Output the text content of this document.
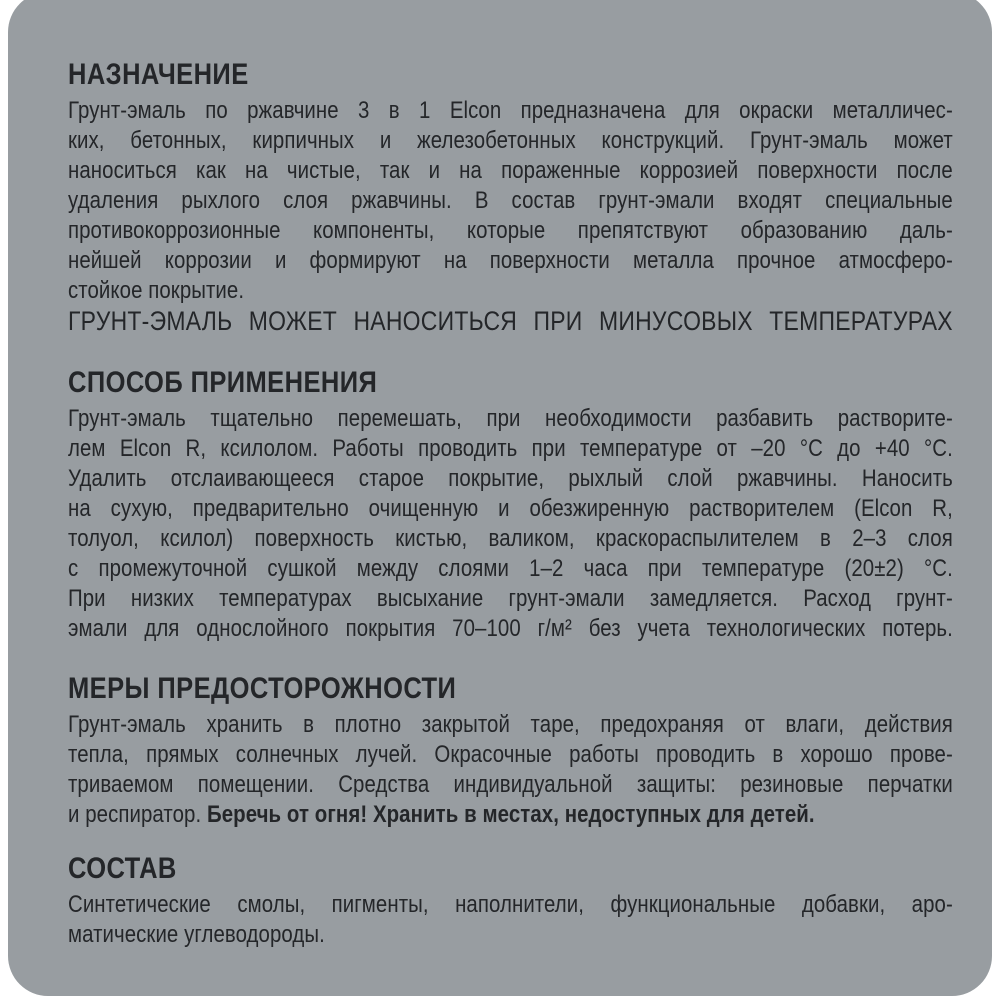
НАЗНАЧЕНИЕ
Грунт-эмаль по ржавчине 3 в 1 Elcon предназначена для окраски металличес-
ких, бетонных, кирпичных и железобетонных конструкций. Грунт-эмаль может
наноситься как на чистые, так и на пораженные коррозией поверхности после
удаления рыхлого слоя ржавчины. В состав грунт-эмали входят специальные
противокоррозионные компоненты, которые препятствуют образованию даль-
нейшей коррозии и формируют на поверхности металла прочное атмосферо-
стойкое покрытие.
ГРУНТ-ЭМАЛЬ МОЖЕТ НАНОСИТЬСЯ ПРИ МИНУСОВЫХ ТЕМПЕРАТУРАХ
СПОСОБ ПРИМЕНЕНИЯ
Грунт-эмаль тщательно перемешать, при необходимости разбавить растворите-
лем Elcon R, ксилолом. Работы проводить при температуре от –20 °С до +40 °С.
Удалить отслаивающееся старое покрытие, рыхлый слой ржавчины. Наносить
на сухую, предварительно очищенную и обезжиренную растворителем (Elcon R,
толуол, ксилол) поверхность кистью, валиком, краскораспылителем в 2–3 слоя
с промежуточной сушкой между слоями 1–2 часа при температуре (20±2) °С.
При низких температурах высыхание грунт-эмали замедляется. Расход грунт-
эмали для однослойного покрытия 70–100 г/м² без учета технологических потерь.
МЕРЫ ПРЕДОСТОРОЖНОСТИ
Грунт-эмаль хранить в плотно закрытой таре, предохраняя от влаги, действия
тепла, прямых солнечных лучей. Окрасочные работы проводить в хорошо прове-
триваемом помещении. Средства индивидуальной защиты: резиновые перчатки
и респиратор. Беречь от огня! Хранить в местах, недоступных для детей.
СОСТАВ
Синтетические смолы, пигменты, наполнители, функциональные добавки, аро-
матические углеводороды.
